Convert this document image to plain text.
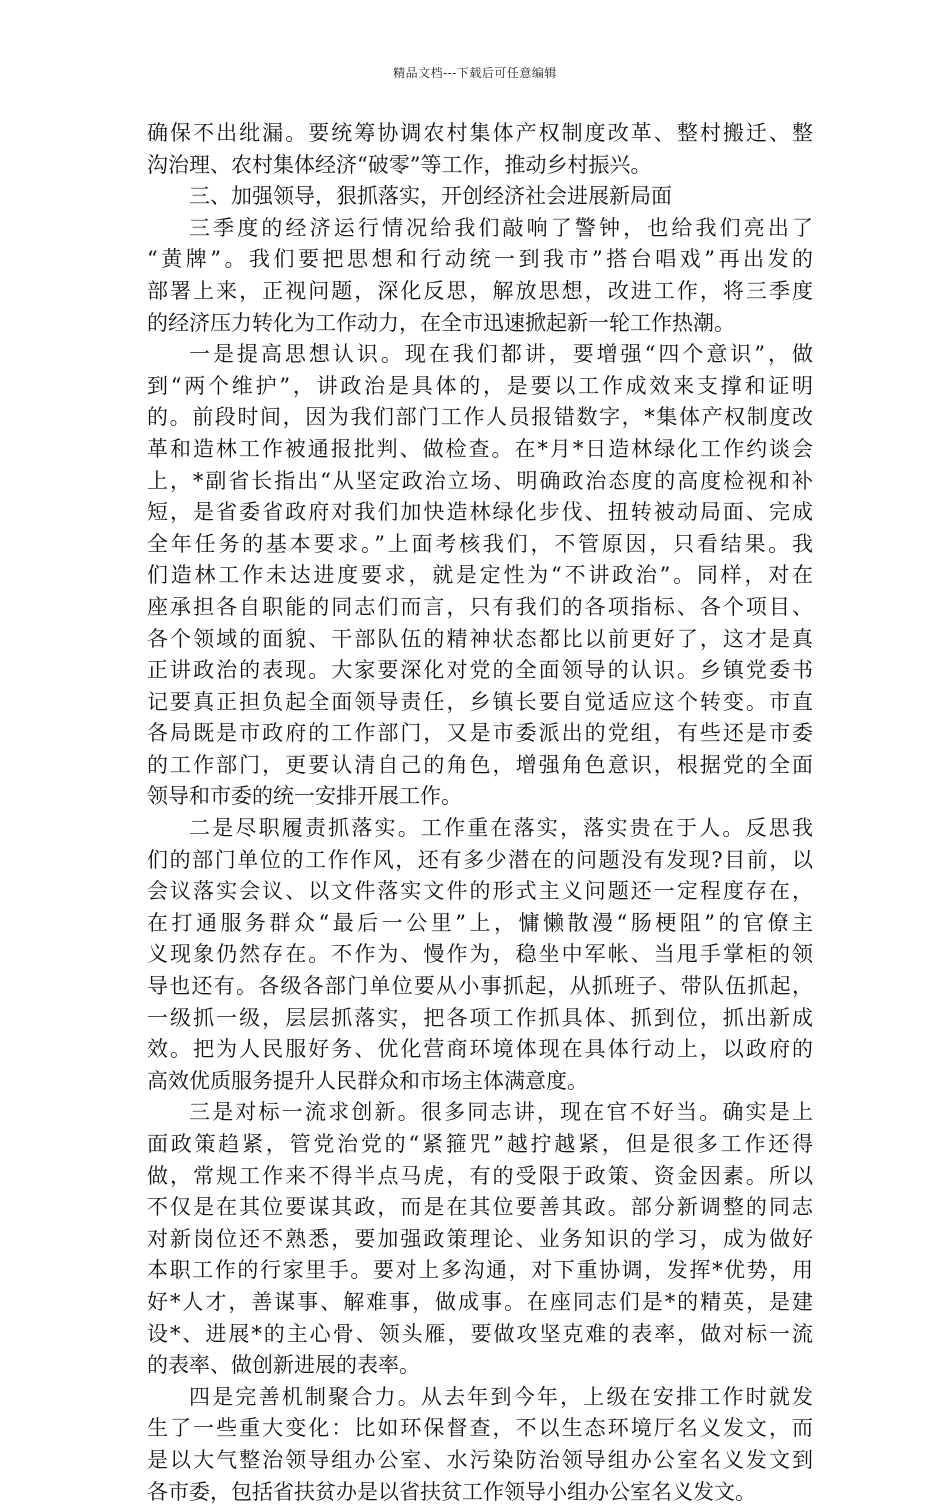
精品文档---下载后可任意编辑
确保不出纰漏。要统筹协调农村集体产权制度改革、整村搬迁、整
沟治理、农村集体经济“破零”等工作，推动乡村振兴。
三、加强领导，狠抓落实，开创经济社会进展新局面
三季度的经济运行情况给我们敲响了警钟，也给我们亮出了
“黄牌”。我们要把思想和行动统一到我市”搭台唱戏”再出发的
部署上来，正视问题，深化反思，解放思想，改进工作，将三季度
的经济压力转化为工作动力，在全市迅速掀起新一轮工作热潮。
一是提高思想认识。现在我们都讲，要增强“四个意识”，做
到“两个维护”，讲政治是具体的，是要以工作成效来支撑和证明
的。前段时间，因为我们部门工作人员报错数字，*集体产权制度改
革和造林工作被通报批判、做检查。在*月*日造林绿化工作约谈会
上，*副省长指出“从坚定政治立场、明确政治态度的高度检视和补
短，是省委省政府对我们加快造林绿化步伐、扭转被动局面、完成
全年任务的基本要求。”上面考核我们，不管原因，只看结果。我
们造林工作未达进度要求，就是定性为“不讲政治”。同样，对在
座承担各自职能的同志们而言，只有我们的各项指标、各个项目、
各个领域的面貌、干部队伍的精神状态都比以前更好了，这才是真
正讲政治的表现。大家要深化对党的全面领导的认识。乡镇党委书
记要真正担负起全面领导责任，乡镇长要自觉适应这个转变。市直
各局既是市政府的工作部门，又是市委派出的党组，有些还是市委
的工作部门，更要认清自己的角色，增强角色意识，根据党的全面
领导和市委的统一安排开展工作。
二是尽职履责抓落实。工作重在落实，落实贵在于人。反思我
们的部门单位的工作作风，还有多少潜在的问题没有发现?目前，以
会议落实会议、以文件落实文件的形式主义问题还一定程度存在，
在打通服务群众“最后一公里”上，慵懒散漫“肠梗阻”的官僚主
义现象仍然存在。不作为、慢作为，稳坐中军帐、当甩手掌柜的领
导也还有。各级各部门单位要从小事抓起，从抓班子、带队伍抓起，
一级抓一级，层层抓落实，把各项工作抓具体、抓到位，抓出新成
效。把为人民服好务、优化营商环境体现在具体行动上，以政府的
高效优质服务提升人民群众和市场主体满意度。
三是对标一流求创新。很多同志讲，现在官不好当。确实是上
面政策趋紧，管党治党的“紧箍咒”越拧越紧，但是很多工作还得
做，常规工作来不得半点马虎，有的受限于政策、资金因素。所以
不仅是在其位要谋其政，而是在其位要善其政。部分新调整的同志
对新岗位还不熟悉，要加强政策理论、业务知识的学习，成为做好
本职工作的行家里手。要对上多沟通，对下重协调，发挥*优势，用
好*人才，善谋事、解难事，做成事。在座同志们是*的精英，是建
设*、进展*的主心骨、领头雁，要做攻坚克难的表率，做对标一流
的表率、做创新进展的表率。
四是完善机制聚合力。从去年到今年，上级在安排工作时就发
生了一些重大变化：比如环保督查，不以生态环境厅名义发文，而
是以大气整治领导组办公室、水污染防治领导组办公室名义发文到
各市委，包括省扶贫办是以省扶贫工作领导小组办公室名义发文。
